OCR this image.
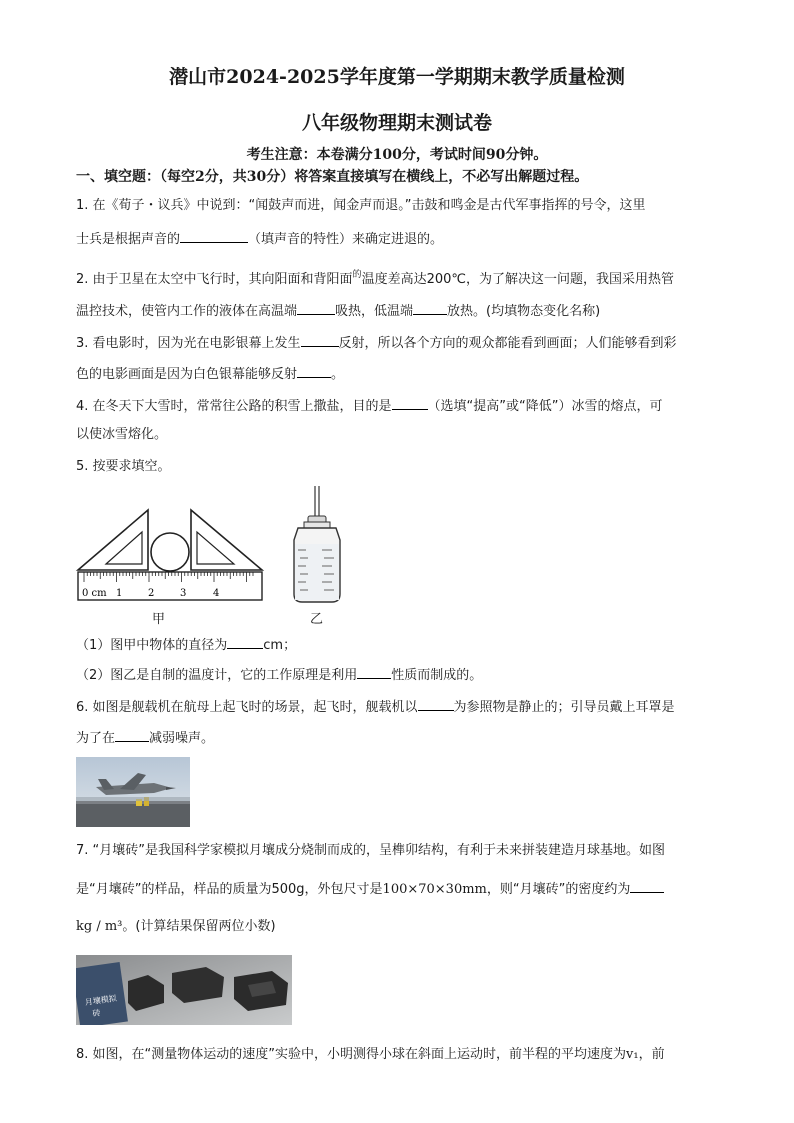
潜山市2024-2025学年度第一学期期末教学质量检测
八年级物理期末测试卷
考生注意：本卷满分100分，考试时间90分钟。
一、填空题：（每空2分，共30分）将答案直接填写在横线上，不必写出解题过程。
1. 在《荀子・议兵》中说到：“闻鼓声而进，闻金声而退。”击鼓和鸣金是古代军事指挥的号令，这里
士兵是根据声音的	（填声音的特性）来确定进退的。
2. 由于卫星在太空中飞行时，其向阳面和背阳面$^的$温度差高达200℃，为了解决这一问题，我国采用热管
温控技术，使管内工作的液体在高温端	吸热，低温端	放热。(均填物态变化名称)
3. 看电影时，因为光在电影银幕上发生	反射，所以各个方向的观众都能看到画面；人们能够看到彩
色的电影画面是因为白色银幕能够反射	。
4. 在冬天下大雪时，常常往公路的积雪上撒盐，目的是	（选填“提高”或“降低”）冰雪的熔点，可
以使冰雪熔化。
5. 按要求填空。
0 cm 1	2	3	4
甲	乙
（1）图甲中物体的直径为	cm；
（2）图乙是自制的温度计，它的工作原理是利用	性质而制成的。
6. 如图是舰载机在航母上起飞时的场景，起飞时，舰载机以	为参照物是静止的；引导员戴上耳罩是
为了在	减弱噪声。
7. “月壤砖”是我国科学家模拟月壤成分烧制而成的，呈榫卯结构，有利于未来拼装建造月球基地。如图
是“月壤砖”的样品，样品的质量为500g，外包尺寸是100×70×30mm，则“月壤砖”的密度约为
kg / m³。(计算结果保留两位小数)
月壤模拟
砖
8. 如图，在“测量物体运动的速度”实验中，小明测得小球在斜面上运动时，前半程的平均速度为v₁，前
